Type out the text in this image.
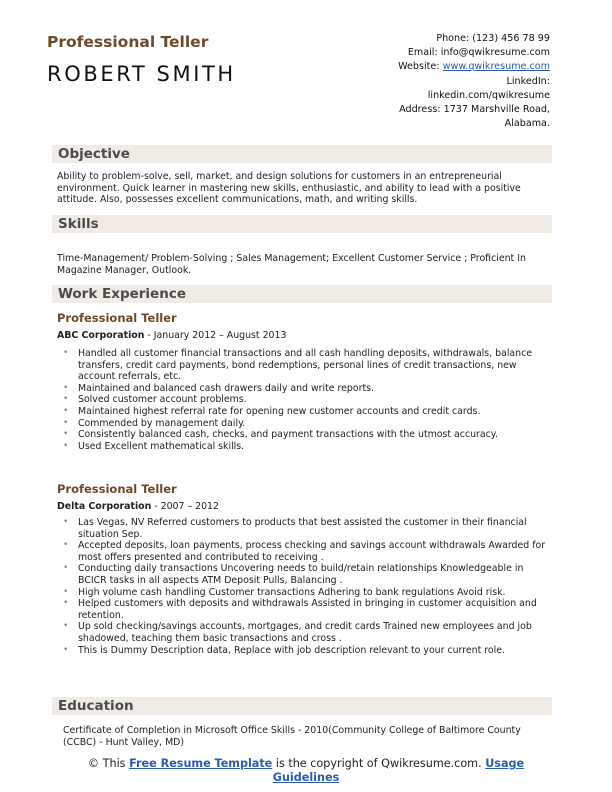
Professional Teller
ROBERT SMITH
Phone: (123) 456 78 99
Email: info@qwikresume.com
Website: www.qwikresume.com
LinkedIn:
linkedin.com/qwikresume
Address: 1737 Marshville Road,
Alabama.
Objective
Ability to problem-solve, sell, market, and design solutions for customers in an entrepreneurial environment. Quick learner in mastering new skills, enthusiastic, and ability to lead with a positive attitude. Also, possesses excellent communications, math, and writing skills.
Skills
Time-Management/ Problem-Solving ; Sales Management; Excellent Customer Service ; Proficient In Magazine Manager, Outlook.
Work Experience
Professional Teller
ABC Corporation - January 2012 – August 2013
• Handled all customer financial transactions and all cash handling deposits, withdrawals, balance transfers, credit card payments, bond redemptions, personal lines of credit transactions, new account referrals, etc.
• Maintained and balanced cash drawers daily and write reports.
• Solved customer account problems.
• Maintained highest referral rate for opening new customer accounts and credit cards.
• Commended by management daily.
• Consistently balanced cash, checks, and payment transactions with the utmost accuracy.
• Used Excellent mathematical skills.
Professional Teller
Delta Corporation - 2007 – 2012
• Las Vegas, NV Referred customers to products that best assisted the customer in their financial situation Sep.
• Accepted deposits, loan payments, process checking and savings account withdrawals Awarded for most offers presented and contributed to receiving .
• Conducting daily transactions Uncovering needs to build/retain relationships Knowledgeable in BCICR tasks in all aspects ATM Deposit Pulls, Balancing .
• High volume cash handling Customer transactions Adhering to bank regulations Avoid risk.
• Helped customers with deposits and withdrawals Assisted in bringing in customer acquisition and retention.
• Up sold checking/savings accounts, mortgages, and credit cards Trained new employees and job shadowed, teaching them basic transactions and cross .
• This is Dummy Description data, Replace with job description relevant to your current role.
Education
Certificate of Completion in Microsoft Office Skills - 2010(Community College of Baltimore County (CCBC) - Hunt Valley, MD)
© This Free Resume Template is the copyright of Qwikresume.com. Usage Guidelines
